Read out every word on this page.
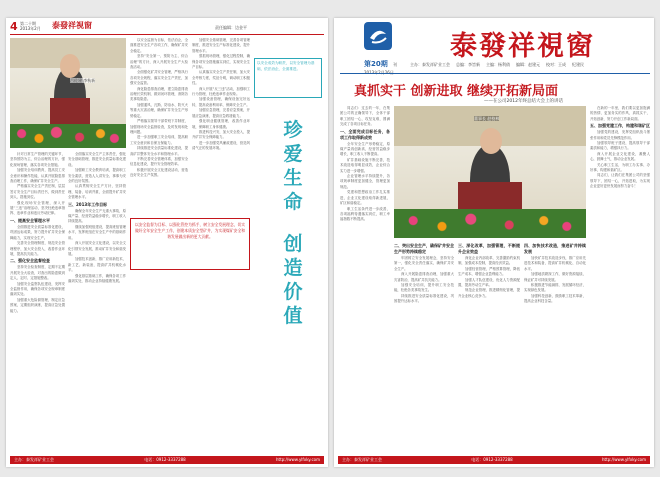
4 第二十期
2013年2月 泰發祥視窗	责任编辑：边金平
吕佐建 李秋新

针对日常生产管理的关键环节，坚持预防为主、综合治理的方针，强化现场管理，落实各项安全措施。

加强安全培训教育，提高员工安全意识和操作技能，认真开展隐患排查治理工作，确保矿井安全生产。

严格落实安全生产责任制，层层签订安全生产目标责任书，做到责任到人、措施到位。

强化现场安全管理，深入开展“三违”治理活动，坚决杜绝违章指挥、违章作业和违反劳动纪律。

一、提高安全管理水平

全面推进安全质量标准化建设，巩固达标成果，努力提升矿井安全保障能力，实现安全生产。

完善安全管理制度，规范安全管理程序，加大安全投入，改善作业环境，提高抗灾能力。

二、强化安全监督检查

坚持安全检查制度，定期不定期开展安全大检查，对查出的隐患做到定人、定时、定措施整改。

加强安全监察队伍建设，发挥安全监督作用，确保各项安全规章制度落到实处。

加强重大危险源管理，制定应急预案，定期组织演练，提高应急处置能力。

全面落实安全生产主体责任，强化安全基础管理，推进安全质量标准化建设。

加强职工安全教育培训，提高职工安全素质，营造人人讲安全、事事为安全的良好氛围。

认真贯彻安全生产方针，坚持管理、装备、培训并重，全面提升矿井安全管理水平。

三、2013年工作目标

确保全年安全生产无重大事故，原煤产量、经营效益稳步增长，职工收入持续提高。

继续加强班组建设，提高班组管理水平，发挥班组在安全生产中的基础作用。

深入开展安全文化建设，以安全文化引领安全发展，推动矿井安全和谐发展。

加强技术创新，推广应用新技术、新工艺、新装备，提高矿井机械化水平。

强化基层基础工作，确保各项工作落到实处，推动企业持续健康发展。

以安全监督为目标，依法治企，全面推进安全生产各项工作，确保矿井安全稳定。

坚持“安全第一、预防为主、综合治理”的方针，深入开展安全生产大检查活动。

全面强化矿井安全管理，严格执行各项安全规程，落实安全生产责任，加强安全监管。

深化隐患排查治理，建立隐患排查治理长效机制，做到闭环管理，消除各类事故隐患。

加强通风、瓦斯、防治水、防灭火等重大灾害治理，确保矿井安全生产形势稳定。

严格落实领导干部带班下井制度，加强现场安全监督检查，及时发现和处理问题。

进一步加强职工安全培训，提高职工安全意识和自保互保能力。

持续推进安全质量标准化建设，提高矿井整体安全水平和管理水平。

不断完善安全管理体系，加强安全信息化建设，提升安全管理效率。

积极开展安全文化建设活动，营造良好安全生产氛围。

以安全监督为目标、以强化管控为抓手，树立安全发展理念，切实做好全年安全生产工作，创建本质安全型矿井，为实现煤矿安全和谐发展做出新的更大贡献。

加强安全基础管理，完善各项管理制度，推进安全生产标准化建设，提升管理水平。

狠抓现场管理，强化过程控制，确保各项安全措施落实到位，实现安全生产目标。

认真落实安全生产责任制，加大安全考核力度，奖惩分明，调动职工积极性。

深入开展“反三违”活动，加强职工行为管理，杜绝违章作业现象。

加强设备管理，确保设备完好运转，提高设备利用率，保障安全生产。

加强应急管理，完善应急预案，开展应急演练，提高应急救援能力。

强化职业健康管理，改善作业环境，保障职工身体健康。

推进科技兴安，加大安全投入，提升矿井安全保障能力。

进一步加强党风廉政建设，营造风清气正的发展环境。

珍
爱
生
命
创
造
价
值
以安全成效为职责，以安全管理为基础，依法治企，全面推进。
主办：泰发祥矿业工会	电话：0912-3337288	http://www.ylfxky.com
第20期 刊
泰發祥視窗
主办：泰发祥矿业工会 总编：李旨新 主编：杨利倩 编辑：赵建元 校对：王成 纪建民
真抓实干 创新进取 继续开拓新局面
——在公司2012年终总结大会上的讲话
董事长 赵校林

同志们：过去的一年，在集团公司的正确领导下，全体干部职工团结一心，攻坚克难，圆满完成了各项目标任务。

一、全面完成目标任务，各项工作取得新成效

全年安全生产形势稳定，原煤产量再创新高，经营效益稳步增长，职工收入不断提高。

矿井基础设施不断完善，技术改造取得明显成效，企业综合实力进一步增强。

企业管理水平持续提升，各项规章制度更加健全，管理更加规范。

党建和思想政治工作扎实推进，企业文化建设取得新进展，矿区和谐稳定。

职工生活条件进一步改善，各项福利待遇落实到位，职工幸福指数不断提高。

二、突出安全生产，确保矿井安全生产形势持续稳定

牢固树立安全发展理念，坚持安全第一，强化安全责任落实，确保矿井安全生产。

深入开展隐患排查治理，加强重大灾害防治，提高矿井抗灾能力。

加强安全培训，提升职工安全技能，杜绝各类事故发生。

持续推进安全质量标准化建设，巩固提升达标水平。

三、深化改革，加强管理，不断提升企业效益

深化企业内部改革，完善激励约束机制，加强成本控制，提高经济效益。

加强经营管理，严格预算管理，降低生产成本，增强企业盈利能力。

加强人才队伍建设，优化人力资源配置，提高劳动生产率。

规范企业管理，推进精细化管理，提升企业核心竞争力。

四、加快技术改造，推进矿井持续发展

加快矿井技术改造步伐，推广应用先进技术和装备，提高矿井机械化、自动化水平。

加强地质勘探工作，做好资源接续，保证矿井可持续发展。

积极推进节能减排，发展循环经济，实现绿色发展。

加强科技创新，鼓励职工技术革新，提高企业科技含量。

在新的一年里，我们要以更加饱满的热情、更加务实的作风，真抓实干，开拓创新，努力开创工作新局面。

五、加强党建工作，构建和谐矿区

加强党的建设，发挥党组织战斗堡垒作用和党员先锋模范作用。

加强领导班子建设，提高领导干部素质和能力，增强执行力。

深入开展企业文化建设，凝聚人心，鼓舞士气，推动企业发展。

关心职工生活，为职工办实事、办好事，构建和谐矿区。

同志们，让我们在集团公司的坚强领导下，团结一心，开拓进取，为实现企业更好更快发展而努力奋斗！

主办：泰发祥矿业工会	电话：0912-3337288	http://www.ylfxky.com
